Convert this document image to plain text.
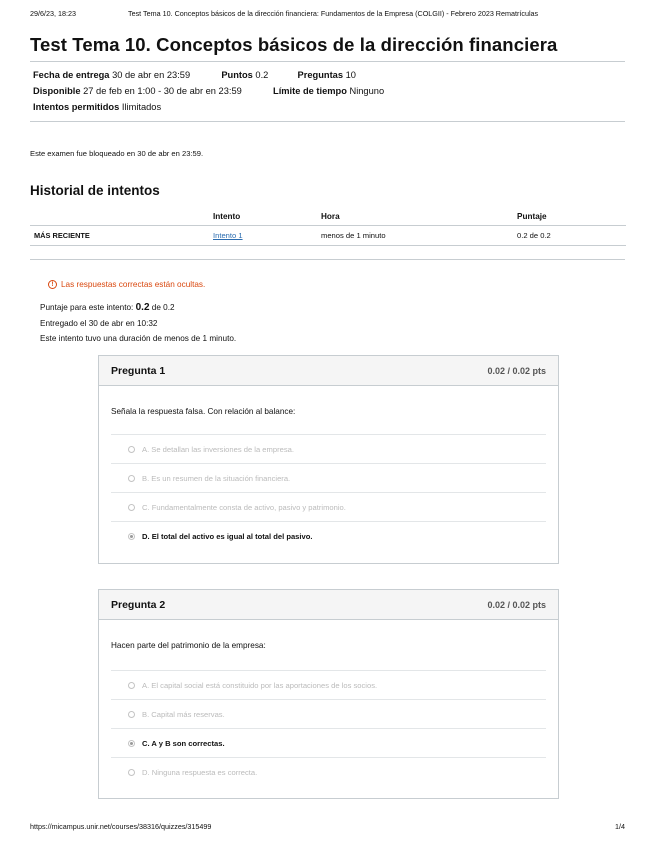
29/6/23, 18:23	Test Tema 10. Conceptos básicos de la dirección financiera: Fundamentos de la Empresa (COLGII) - Febrero 2023 Rematrículas
Test Tema 10. Conceptos básicos de la dirección financiera
Fecha de entrega 30 de abr en 23:59	Puntos 0.2	Preguntas 10
Disponible 27 de feb en 1:00 - 30 de abr en 23:59	Límite de tiempo Ninguno
Intentos permitidos Ilimitados
Este examen fue bloqueado en 30 de abr en 23:59.
Historial de intentos
	Intento	Hora	Puntaje
MÁS RECIENTE	Intento 1	menos de 1 minuto	0.2 de 0.2
! Las respuestas correctas están ocultas.
Puntaje para este intento: 0.2 de 0.2
Entregado el 30 de abr en 10:32
Este intento tuvo una duración de menos de 1 minuto.
Pregunta 1	0.02 / 0.02 pts
Señala la respuesta falsa. Con relación al balance:
A. Se detallan las inversiones de la empresa.
B. Es un resumen de la situación financiera.
C. Fundamentalmente consta de activo, pasivo y patrimonio.
D. El total del activo es igual al total del pasivo.
Pregunta 2	0.02 / 0.02 pts
Hacen parte del patrimonio de la empresa:
A. El capital social está constituido por las aportaciones de los socios.
B. Capital más reservas.
C. A y B son correctas.
D. Ninguna respuesta es correcta.
https://micampus.unir.net/courses/38316/quizzes/315499	1/4
